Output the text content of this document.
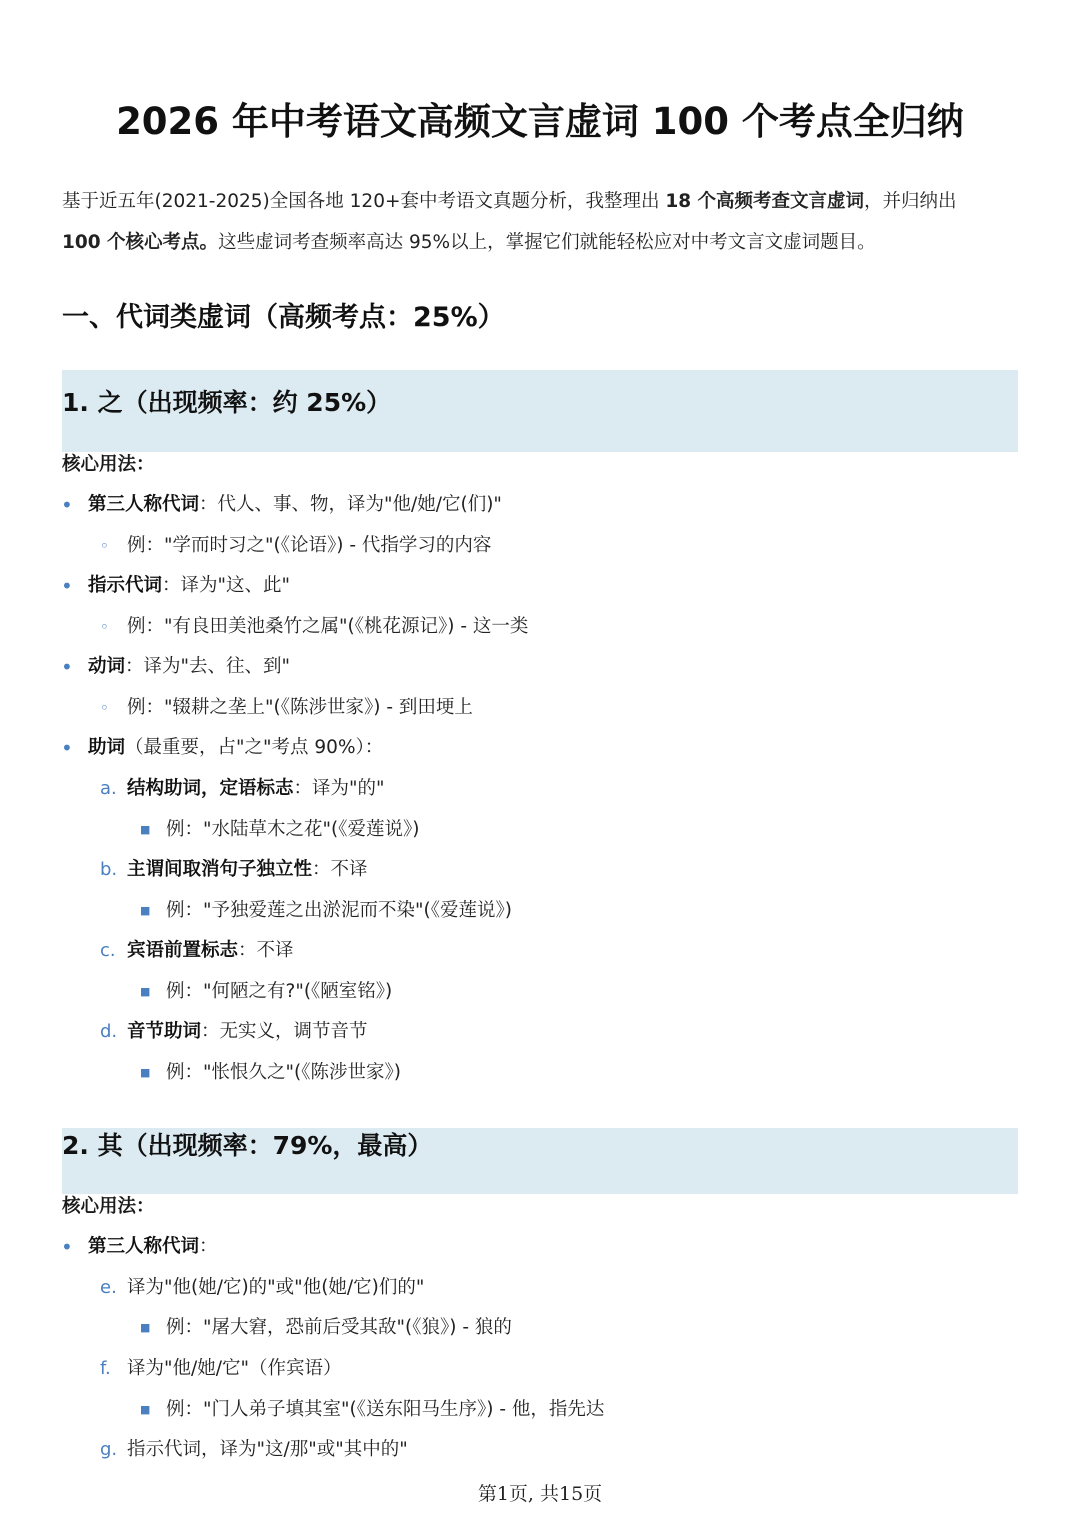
2026 年中考语文高频文言虚词 100 个考点全归纳
基于近五年(2021-2025)全国各地 120+套中考语文真题分析，我整理出 18 个高频考查文言虚词，并归纳出
100 个核心考点。这些虚词考查频率高达 95%以上，掌握它们就能轻松应对中考文言文虚词题目。
一、代词类虚词（高频考点：25%）
1. 之（出现频率：约 25%）
核心用法：
• 第三人称代词：代人、事、物，译为"他/她/它(们)"
◦ 例："学而时习之"(《论语》) - 代指学习的内容
• 指示代词：译为"这、此"
◦ 例："有良田美池桑竹之属"(《桃花源记》) - 这一类
• 动词：译为"去、往、到"
◦ 例："辍耕之垄上"(《陈涉世家》) - 到田埂上
• 助词（最重要，占"之"考点 90%）：
a. 结构助词，定语标志：译为"的"
■ 例："水陆草木之花"(《爱莲说》)
b. 主谓间取消句子独立性：不译
■ 例："予独爱莲之出淤泥而不染"(《爱莲说》)
c. 宾语前置标志：不译
■ 例："何陋之有?"(《陋室铭》)
d. 音节助词：无实义，调节音节
■ 例："怅恨久之"(《陈涉世家》)
2. 其（出现频率：79%，最高）
核心用法：
• 第三人称代词：
e. 译为"他(她/它)的"或"他(她/它)们的"
■ 例："屠大窘，恐前后受其敌"(《狼》) - 狼的
f. 译为"他/她/它"（作宾语）
■ 例："门人弟子填其室"(《送东阳马生序》) - 他，指先达
g. 指示代词，译为"这/那"或"其中的"
第1页, 共15页
